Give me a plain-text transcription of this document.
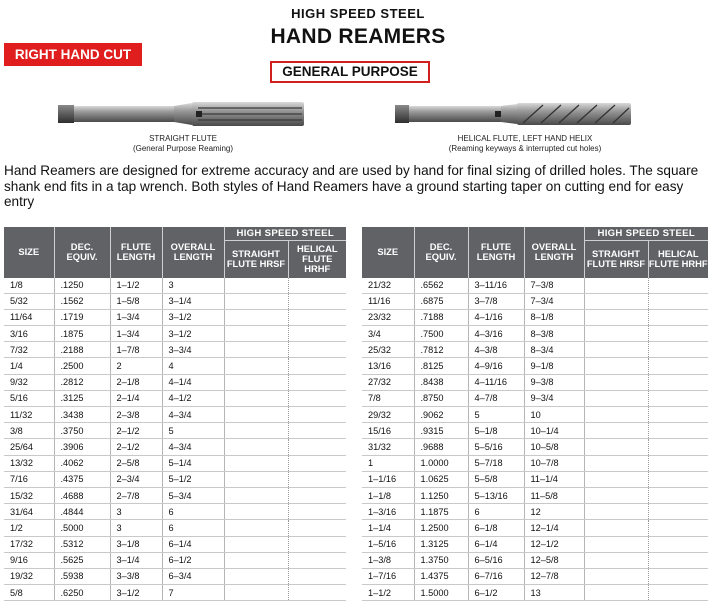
HIGH SPEED STEEL
HAND REAMERS
RIGHT HAND CUT
GENERAL PURPOSE
STRAIGHT FLUTE
(General Purpose Reaming)
HELICAL FLUTE, LEFT HAND HELIX
(Reaming keyways & interrupted cut holes)
Hand Reamers are designed for extreme accuracy and are used by hand for final sizing of drilled holes. The square shank end fits in a tap wrench. Both styles of Hand Reamers have a ground starting taper on cutting end for easy entry
SIZE	DEC. EQUIV.	FLUTE LENGTH	OVERALL LENGTH	HIGH SPEED STEEL	
				STRAIGHT FLUTE HRSF	HELICAL FLUTE HRHF
1/8	.1250	1–1/2	3		
5/32	.1562	1–5/8	3–1/4		
11/64	.1719	1–3/4	3–1/2		
3/16	.1875	1–3/4	3–1/2		
7/32	.2188	1–7/8	3–3/4		
1/4	.2500	2	4		
9/32	.2812	2–1/8	4–1/4		
5/16	.3125	2–1/4	4–1/2		
11/32	.3438	2–3/8	4–3/4		
3/8	.3750	2–1/2	5		
25/64	.3906	2–1/2	4–3/4		
13/32	.4062	2–5/8	5–1/4		
7/16	.4375	2–3/4	5–1/2		
15/32	.4688	2–7/8	5–3/4		
31/64	.4844	3	6		
1/2	.5000	3	6		
17/32	.5312	3–1/8	6–1/4		
9/16	.5625	3–1/4	6–1/2		
19/32	.5938	3–3/8	6–3/4		
5/8	.6250	3–1/2	7		
SIZE	DEC. EQUIV.	FLUTE LENGTH	OVERALL LENGTH	HIGH SPEED STEEL	
				STRAIGHT FLUTE HRSF	HELICAL FLUTE HRHF
21/32	.6562	3–11/16	7–3/8		
11/16	.6875	3–7/8	7–3/4		
23/32	.7188	4–1/16	8–1/8		
3/4	.7500	4–3/16	8–3/8		
25/32	.7812	4–3/8	8–3/4		
13/16	.8125	4–9/16	9–1/8		
27/32	.8438	4–11/16	9–3/8		
7/8	.8750	4–7/8	9–3/4		
29/32	.9062	5	10		
15/16	.9315	5–1/8	10–1/4		
31/32	.9688	5–5/16	10–5/8		
1	1.0000	5–7/18	10–7/8		
1–1/16	1.0625	5–5/8	11–1/4		
1–1/8	1.1250	5–13/16	11–5/8		
1–3/16	1.1875	6	12		
1–1/4	1.2500	6–1/8	12–1/4		
1–5/16	1.3125	6–1/4	12–1/2		
1–3/8	1.3750	6–5/16	12–5/8		
1–7/16	1.4375	6–7/16	12–7/8		
1–1/2	1.5000	6–1/2	13		
